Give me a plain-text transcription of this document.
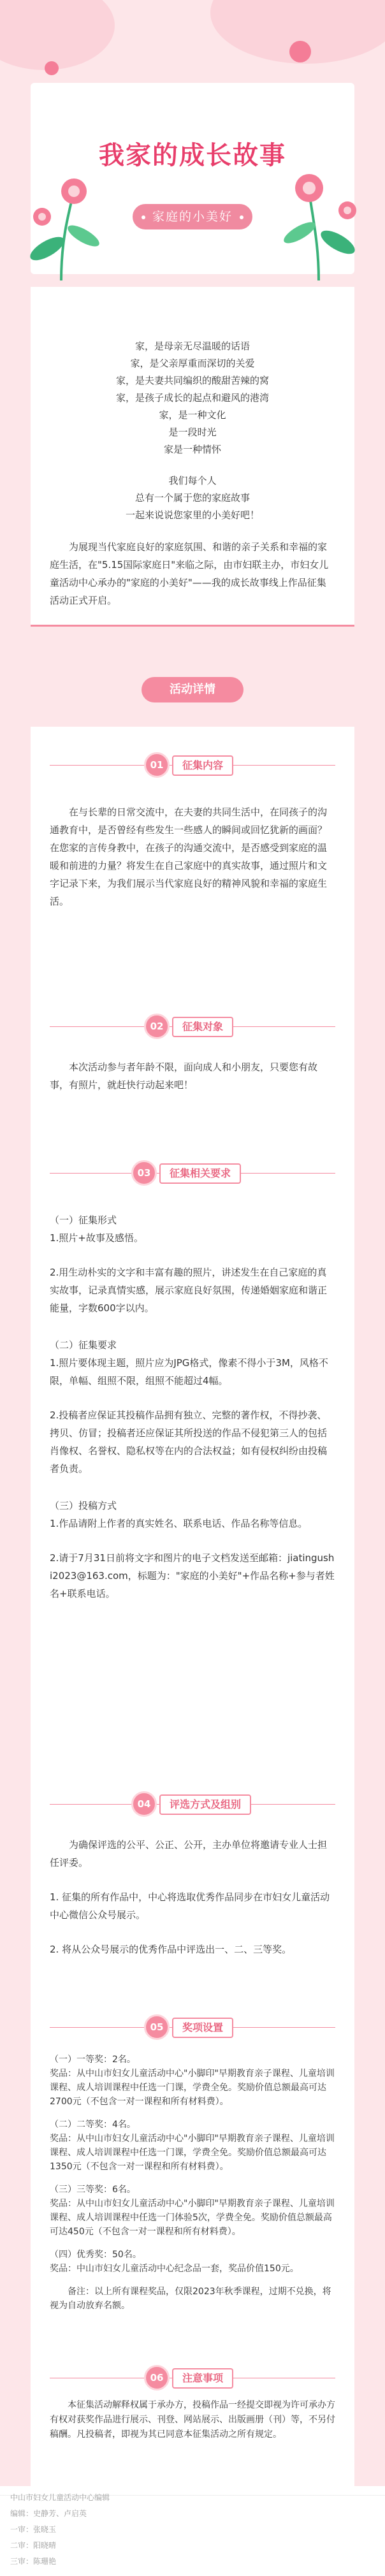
我家的成长故事
家庭的小美好

家，是母亲无尽温暖的话语

家，是父亲厚重而深切的关爱

家，是夫妻共同编织的酸甜苦辣的窝

家，是孩子成长的起点和避风的港湾

家，是一种文化

是一段时光

家是一种情怀

我们每个人

总有一个属于您的家庭故事

一起来说说您家里的小美好吧！

为展现当代家庭良好的家庭氛围、和谐的亲子关系和幸福的家庭生活，在"5.15国际家庭日"来临之际，由市妇联主办，市妇女儿童活动中心承办的"家庭的小美好"——我的成长故事线上作品征集活动正式开启。

活动详情
01	征集内容

在与长辈的日常交流中，在夫妻的共同生活中，在同孩子的沟通教育中，是否曾经有些发生一些感人的瞬间或回忆犹新的画面？在您家的言传身教中，在孩子的沟通交流中，是否感受到家庭的温暖和前进的力量？将发生在自己家庭中的真实故事，通过照片和文字记录下来，为我们展示当代家庭良好的精神风貌和幸福的家庭生活。

02	征集对象

本次活动参与者年龄不限，面向成人和小朋友，只要您有故事，有照片，就赶快行动起来吧！

03	征集相关要求

（一）征集形式

1.照片+故事及感悟。

2.用生动朴实的文字和丰富有趣的照片，讲述发生在自己家庭的真实故事，记录真情实感，展示家庭良好氛围，传递婚姻家庭和谐正能量，字数600字以内。

（二）征集要求

1.照片要体现主题，照片应为JPG格式，像素不得小于3M，风格不限，单幅、组照不限，组照不能超过4幅。

2.投稿者应保证其投稿作品拥有独立、完整的著作权，不得抄袭、拷贝、仿冒；投稿者还应保证其所投送的作品不侵犯第三人的包括肖像权、名誉权、隐私权等在内的合法权益；如有侵权纠纷由投稿者负责。

（三）投稿方式

1.作品请附上作者的真实姓名、联系电话、作品名称等信息。

2.请于7月31日前将文字和图片的电子文档发送至邮箱：jiatingushi2023@163.com，标题为："家庭的小美好"+作品名称+参与者姓名+联系电话。

04	评选方式及组别

为确保评选的公平、公正、公开，主办单位将邀请专业人士担任评委。

1. 征集的所有作品中，中心将选取优秀作品同步在市妇女儿童活动中心微信公众号展示。

2. 将从公众号展示的优秀作品中评选出一、二、三等奖。

05	奖项设置

（一）一等奖：2名。

奖品：从中山市妇女儿童活动中心"小脚印"早期教育亲子课程、儿童培训课程、成人培训课程中任选一门课，学费全免。奖励价值总额最高可达2700元（不包含一对一课程和所有材料费）。

（二）二等奖：4名。

奖品：从中山市妇女儿童活动中心"小脚印"早期教育亲子课程、儿童培训课程、成人培训课程中任选一门课，学费全免。奖励价值总额最高可达1350元（不包含一对一课程和所有材料费）。

（三）三等奖：6名。

奖品：从中山市妇女儿童活动中心"小脚印"早期教育亲子课程、儿童培训课程、成人培训课程中任选一门体验5次，学费全免。奖励价值总额最高可达450元（不包含一对一课程和所有材料费）。

（四）优秀奖：50名。

奖品：中山市妇女儿童活动中心纪念品一套，奖品价值150元。

备注：以上所有课程奖品，仅限2023年秋季课程，过期不兑换，将视为自动放弃名额。

06	注意事项

本征集活动解释权属于承办方，投稿作品一经提交即视为许可承办方有权对获奖作品进行展示、刊登、网站展示、出版画册（刊）等，不另付稿酬。凡投稿者，即视为其已同意本征集活动之所有规定。

中山市妇女儿童活动中心编辑
编辑：史静芳、卢启英
一审：张晓玉
二审：阳晓晴
三审：陈珊艳
